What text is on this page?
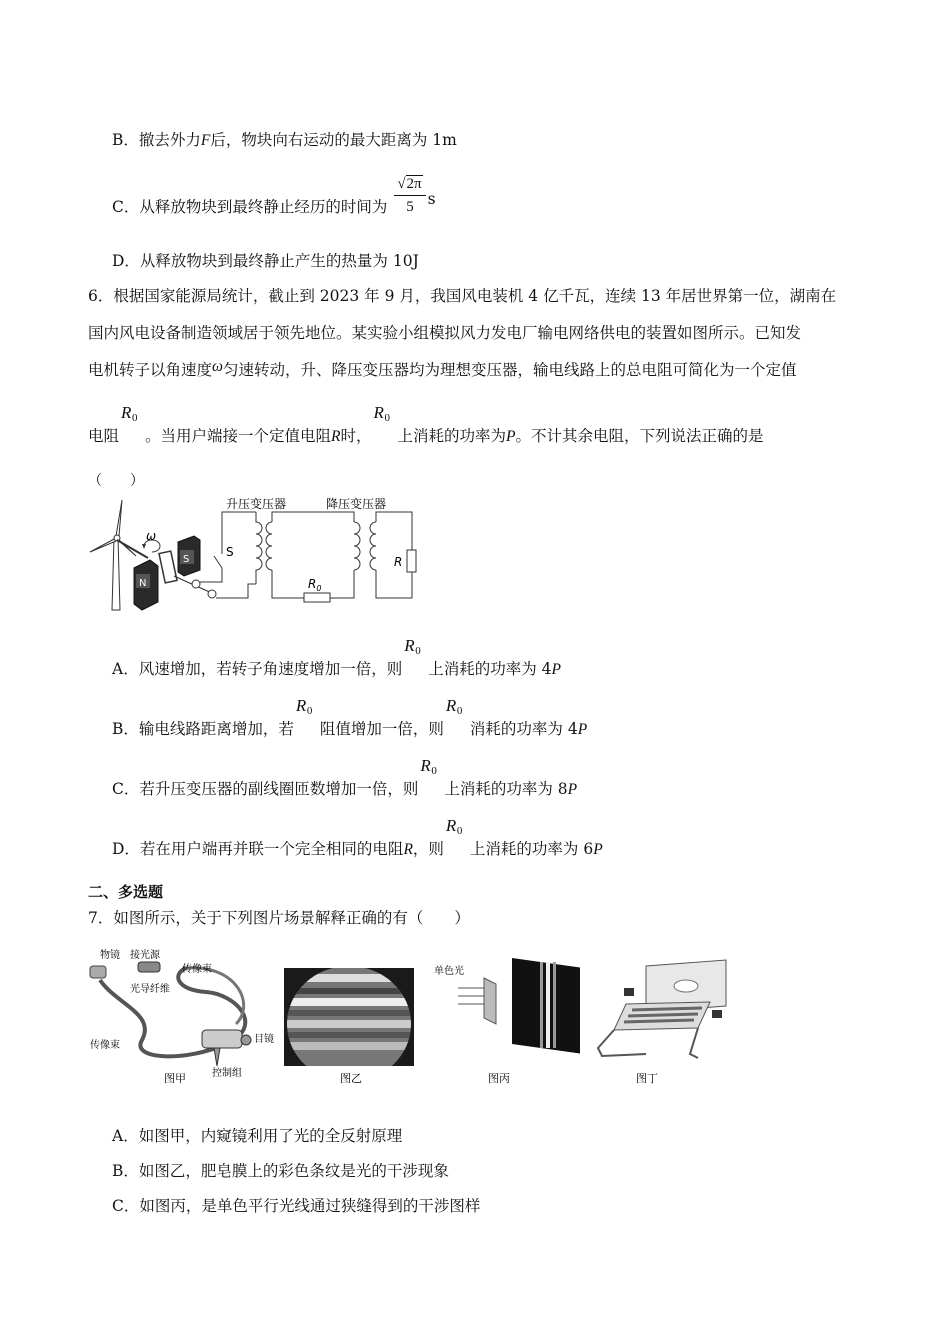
B．撤去外力F后，物块向右运动的最大距离为 1m
C．从释放物块到最终静止经历的时间为 $\frac{√2\pi}{5}$ s
D．从释放物块到最终静止产生的热量为 10J
6．根据国家能源局统计，截止到 2023 年 9 月，我国风电装机 4 亿千瓦，连续 13 年居世界第一位，湖南在
国内风电设备制造领域居于领先地位。某实验小组模拟风力发电厂输电网络供电的装置如图所示。已知发
电机转子以角速度ω匀速转动，升、降压变压器均为理想变压器，输电线路上的总电阻可简化为一个定值
电阻
R 0
。当用户端接一个定值电阻R时，
R 0
上消耗的功率为P。不计其余电阻，下列说法正确的是
（　　）
ω
N
S
S
$R_0$
R
升压变压器	降压变压器
A．风速增加，若转子角速度增加一倍，则
R 0
上消耗的功率为 4P
B．输电线路距离增加，若
R 0
阻值增加一倍，则
R 0
消耗的功率为 4P
C．若升压变压器的副线圈匝数增加一倍，则
R 0
上消耗的功率为 8P
D．若在用户端再并联一个完全相同的电阻R，则
R 0
上消耗的功率为 6P
二、多选题
7．如图所示，关于下列图片场景解释正确的有（　　）
物镜 接光源
传像束
光导纤维
传像束
目镜
控制组
图甲	图乙
单色光
图丙	图丁
A．如图甲，内窥镜利用了光的全反射原理
B．如图乙，肥皂膜上的彩色条纹是光的干涉现象
C．如图丙，是单色平行光线通过狭缝得到的干涉图样
